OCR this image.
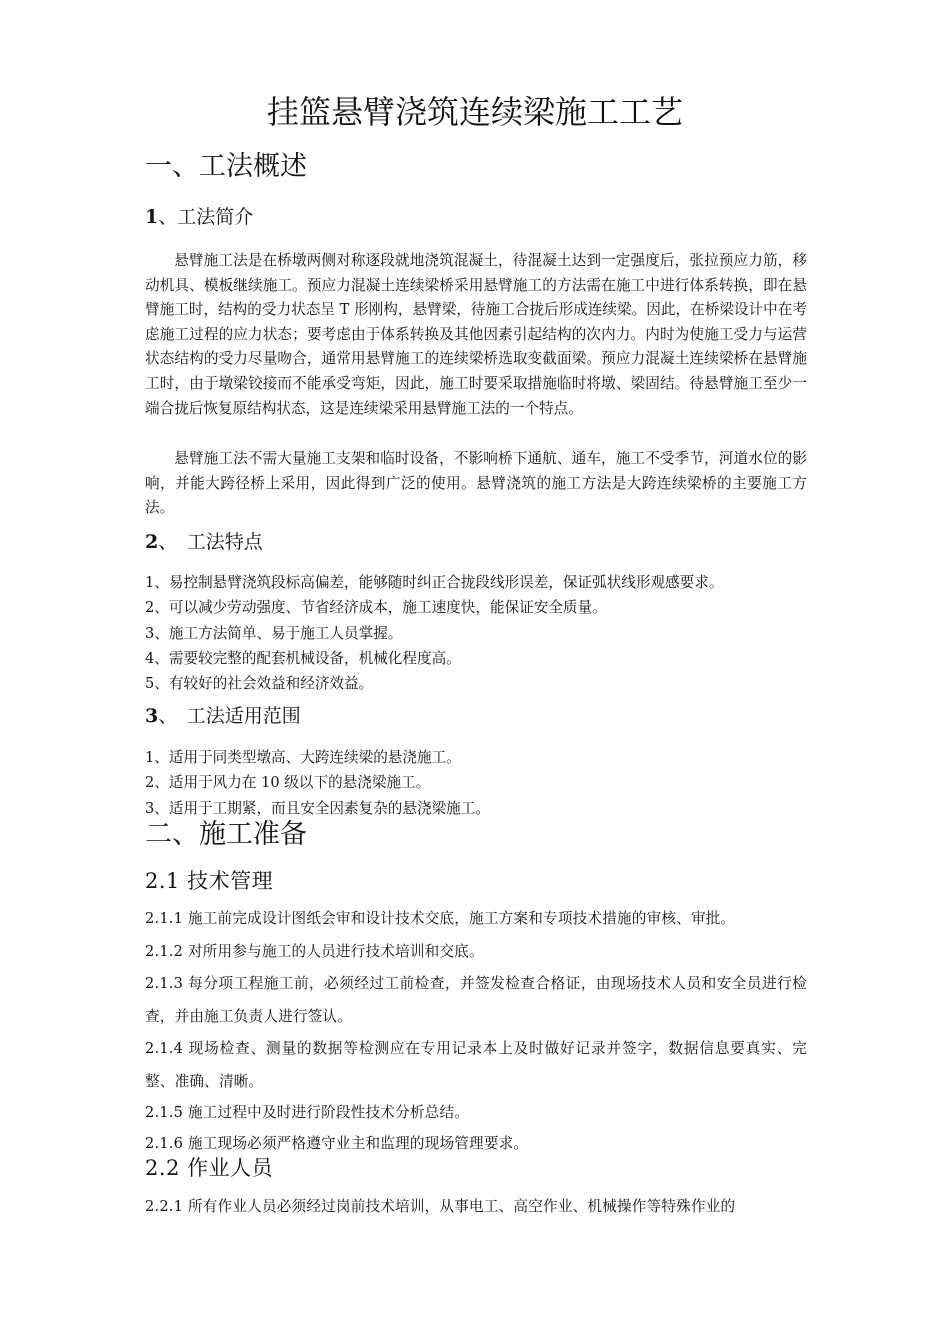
挂篮悬臂浇筑连续梁施工工艺
一、工法概述
1、工法简介
悬臂施工法是在桥墩两侧对称逐段就地浇筑混凝土，待混凝土达到一定强度后，张拉预应力筋，移动机具、模板继续施工。预应力混凝土连续梁桥采用悬臂施工的方法需在施工中进行体系转换，即在悬臂施工时，结构的受力状态呈 T 形刚构，悬臂梁，待施工合拢后形成连续梁。因此，在桥梁设计中在考虑施工过程的应力状态；要考虑由于体系转换及其他因素引起结构的次内力。内时为使施工受力与运营状态结构的受力尽量吻合，通常用悬臂施工的连续梁桥选取变截面梁。预应力混凝土连续梁桥在悬臂施工时，由于墩梁铰接而不能承受弯矩，因此，施工时要采取措施临时将墩、梁固结。待悬臂施工至少一端合拢后恢复原结构状态，这是连续梁采用悬臂施工法的一个特点。
悬臂施工法不需大量施工支架和临时设备，不影响桥下通航、通车，施工不受季节，河道水位的影响，并能大跨径桥上采用，因此得到广泛的使用。悬臂浇筑的施工方法是大跨连续梁桥的主要施工方法。
2、　工法特点
1、易控制悬臂浇筑段标高偏差，能够随时纠正合拢段线形误差，保证弧状线形观感要求。
2、可以减少劳动强度、节省经济成本，施工速度快，能保证安全质量。
3、施工方法简单、易于施工人员掌握。
4、需要较完整的配套机械设备，机械化程度高。
5、有较好的社会效益和经济效益。
3、　工法适用范围
1、适用于同类型墩高、大跨连续梁的悬浇施工。
2、适用于风力在 10 级以下的悬浇梁施工。
3、适用于工期紧，而且安全因素复杂的悬浇梁施工。
二、施工准备
2.1 技术管理
2.1.1 施工前完成设计图纸会审和设计技术交底，施工方案和专项技术措施的审核、审批。
2.1.2 对所用参与施工的人员进行技术培训和交底。
2.1.3 每分项工程施工前，必须经过工前检查，并签发检查合格证，由现场技术人员和安全员进行检查，并由施工负责人进行签认。
2.1.4 现场检查、测量的数据等检测应在专用记录本上及时做好记录并签字，数据信息要真实、完整、准确、清晰。
2.1.5 施工过程中及时进行阶段性技术分析总结。
2.1.6 施工现场必须严格遵守业主和监理的现场管理要求。
2.2 作业人员
2.2.1 所有作业人员必须经过岗前技术培训，从事电工、高空作业、机械操作等特殊作业的
